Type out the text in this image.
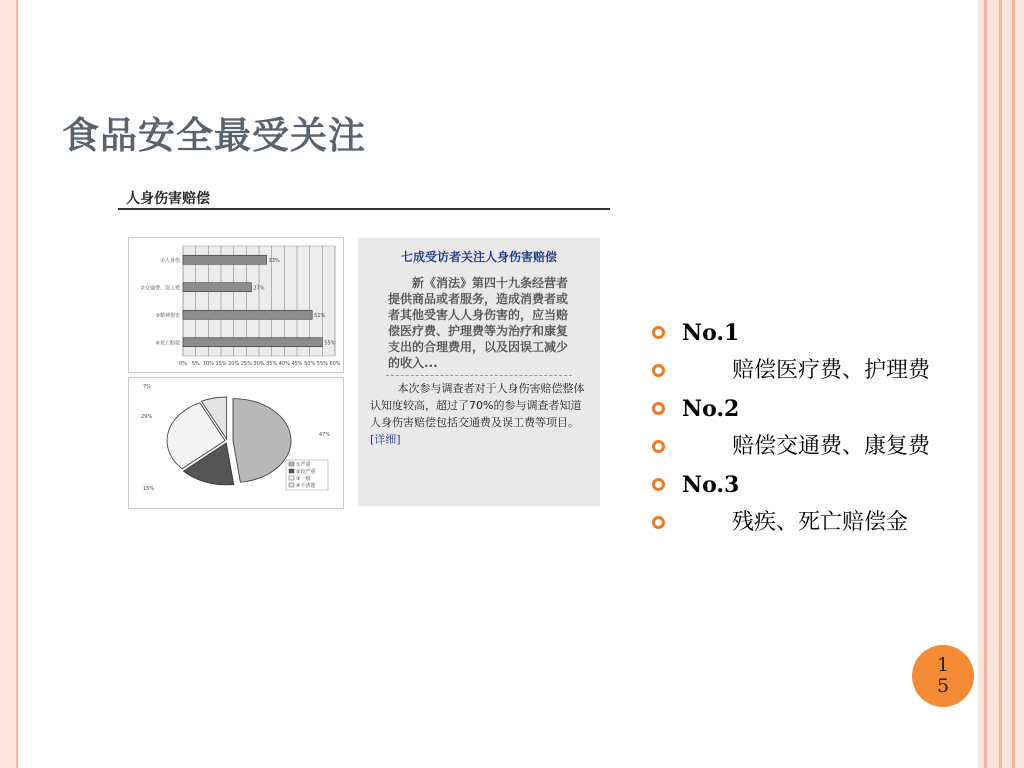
食品安全最受关注
人身伤害赔偿
0% 5% 10% 15% 20% 25% 30% 35% 40% 45% 50% 55% 60%
①人身伤	33%
②交通费、误工费	27%
③精神损害	51%
④死亡赔偿	55%
47%
15%
29%
7%
①严重
②较严重
③一般
④不清楚
七成受访者关注人身伤害赔偿
新《消法》第四十九条经营者提供商品或者服务，造成消费者或者其他受害人人身伤害的，应当赔偿医疗费、护理费等为治疗和康复支出的合理费用，以及因误工减少的收入...
本次参与调查者对于人身伤害赔偿整体认知度较高，超过了70%的参与调查者知道人身伤害赔偿包括交通费及误工费等项目。 [详细]
No.1
赔偿医疗费、护理费
No.2
赔偿交通费、康复费
No.3
残疾、死亡赔偿金
1
5
